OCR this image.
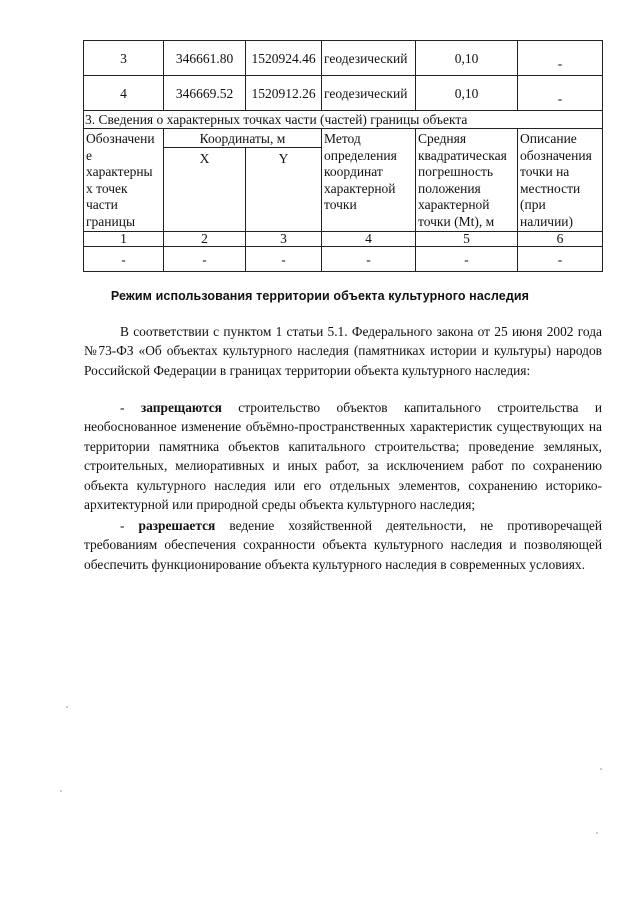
3	346661.80	1520924.46	геодезический	0,10	-
4	346669.52	1520912.26	геодезический	0,10	-
3. Сведения о характерных точках части (частей) границы объекта					
Обозначени е характерны х точек части границы	Координаты, м		Метод определения координат характерной точки	Средняя квадратическая погрешность положения характерной точки (Mt), м	Описание обозначения точки на местности (при наличии)
	X	Y			
1	2	3	4	5	6
-	-	-	-	-	-
Режим использования территории объекта культурного наследия
В соответствии с пунктом 1 статьи 5.1. Федерального закона от 25 июня 2002 года №73-ФЗ «Об объектах культурного наследия (памятниках истории и культуры) народов Российской Федерации в границах территории объекта культурного наследия:
- запрещаются строительство объектов капитального строительства и необоснованное изменение объёмно-пространственных характеристик существующих на территории памятника объектов капитального строительства; проведение земляных, строительных, мелиоративных и иных работ, за исключением работ по сохранению объекта культурного наследия или его отдельных элементов, сохранению историко-архитектурной или природной среды объекта культурного наследия;
- разрешается ведение хозяйственной деятельности, не противоречащей требованиям обеспечения сохранности объекта культурного наследия и позволяющей обеспечить функционирование объекта культурного наследия в современных условиях.
